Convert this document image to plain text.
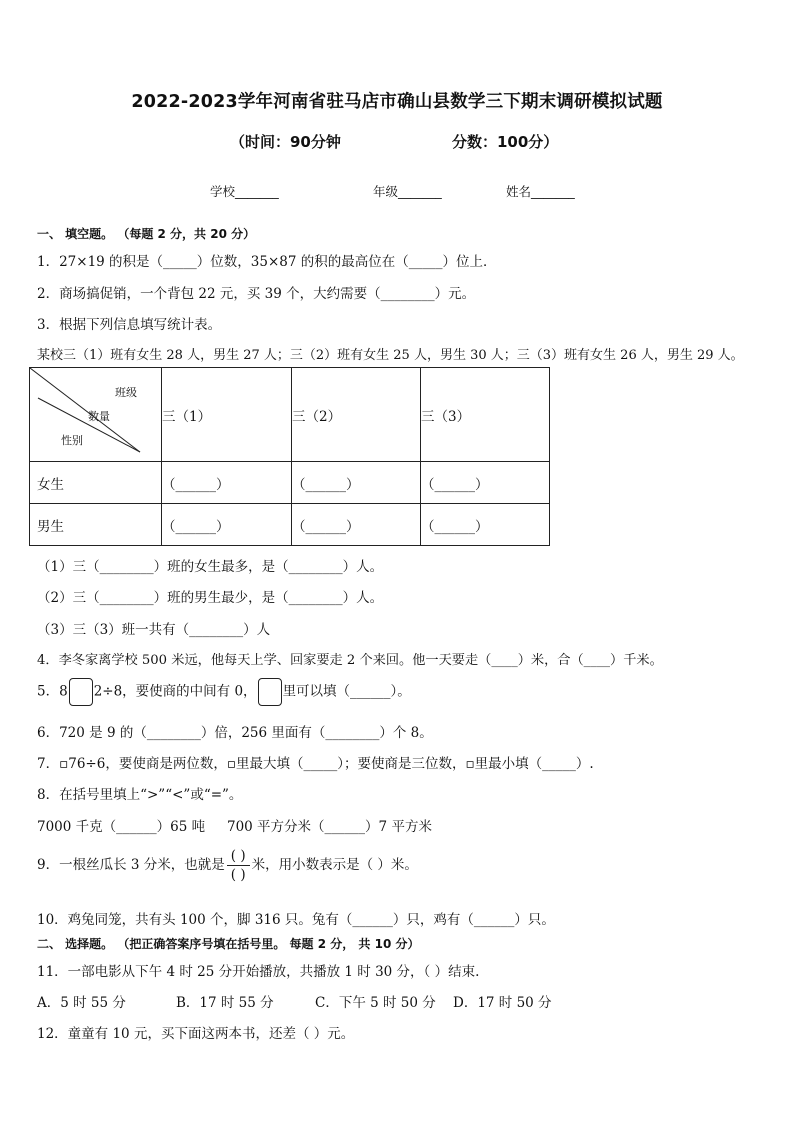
2022-2023学年河南省驻马店市确山县数学三下期末调研模拟试题
（时间：90分钟	分数：100分）
学校_______	年级_______	姓名_______
一、 填空题。 （每题 2 分，共 20 分）
1．27×19 的积是（_____）位数，35×87 的积的最高位在（_____）位上．
2．商场搞促销，一个背包 22 元，买 39 个，大约需要（________）元。
3．根据下列信息填写统计表。
某校三（1）班有女生 28 人，男生 27 人；三（2）班有女生 25 人，男生 30 人；三（3）班有女生 26 人，男生 29 人。
班级
数量
性别	三（1）	三（2）	三（3）
女生	（______）	（______）	（______）
男生	（______）	（______）	（______）
（1）三（________）班的女生最多，是（________）人。
（2）三（________）班的男生最少，是（________）人。
（3）三（3）班一共有（________）人
4．李冬家离学校 500 米远，他每天上学、回家要走 2 个来回。他一天要走（____）米，合（____）千米。
5．8 2÷8，要使商的中间有 0， 里可以填（______）。
6．720 是 9 的（________）倍，256 里面有（________）个 8。
7．▫76÷6，要使商是两位数，▫里最大填（_____）；要使商是三位数，▫里最小填（_____）.
8．在括号里填上“>”“<”或“=”。
7000 千克（______）65 吨 700 平方分米（______）7 平方米
9．一根丝瓜长 3 分米，也就是 $\frac{( )}{( )}$ 米，用小数表示是（ ）米。
10．鸡兔同笼，共有头 100 个，脚 316 只。兔有（______）只，鸡有（______）只。
二、 选择题。 （把正确答案序号填在括号里。 每题 2 分， 共 10 分）
11．一部电影从下午 4 时 25 分开始播放，共播放 1 时 30 分，（ ）结束.
A．5 时 55 分	B．17 时 55 分	C．下午 5 时 50 分 D．17 时 50 分
12．童童有 10 元，买下面这两本书，还差（ ）元。
